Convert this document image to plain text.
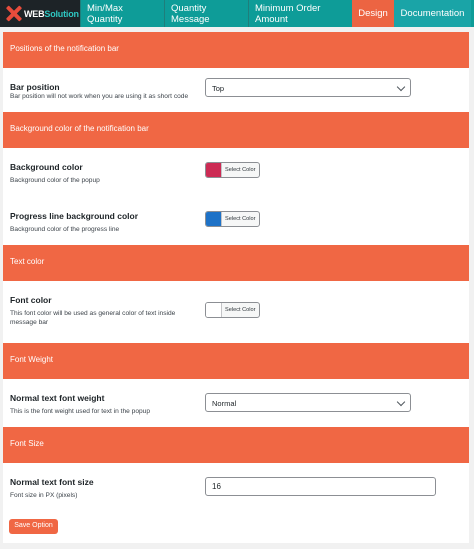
WEBSolution Min/Max Quantity
Quantity Message
Minimum Order Amount
Design	Documentation
Positions of the notification bar
Bar position
Bar position will not work when you are using it as short code
Top
Background color of the notification bar
Background color
Background color of the popup
Select Color
Progress line background color
Background color of the progress line
Select Color
Text color
Font color
This font color will be used as general color of text inside message bar
Select Color
Font Weight
Normal text font weight
This is the font weight used for text in the popup
Normal
Font Size
Normal text font size
Font size in PX (pixels)
16
Save Option
